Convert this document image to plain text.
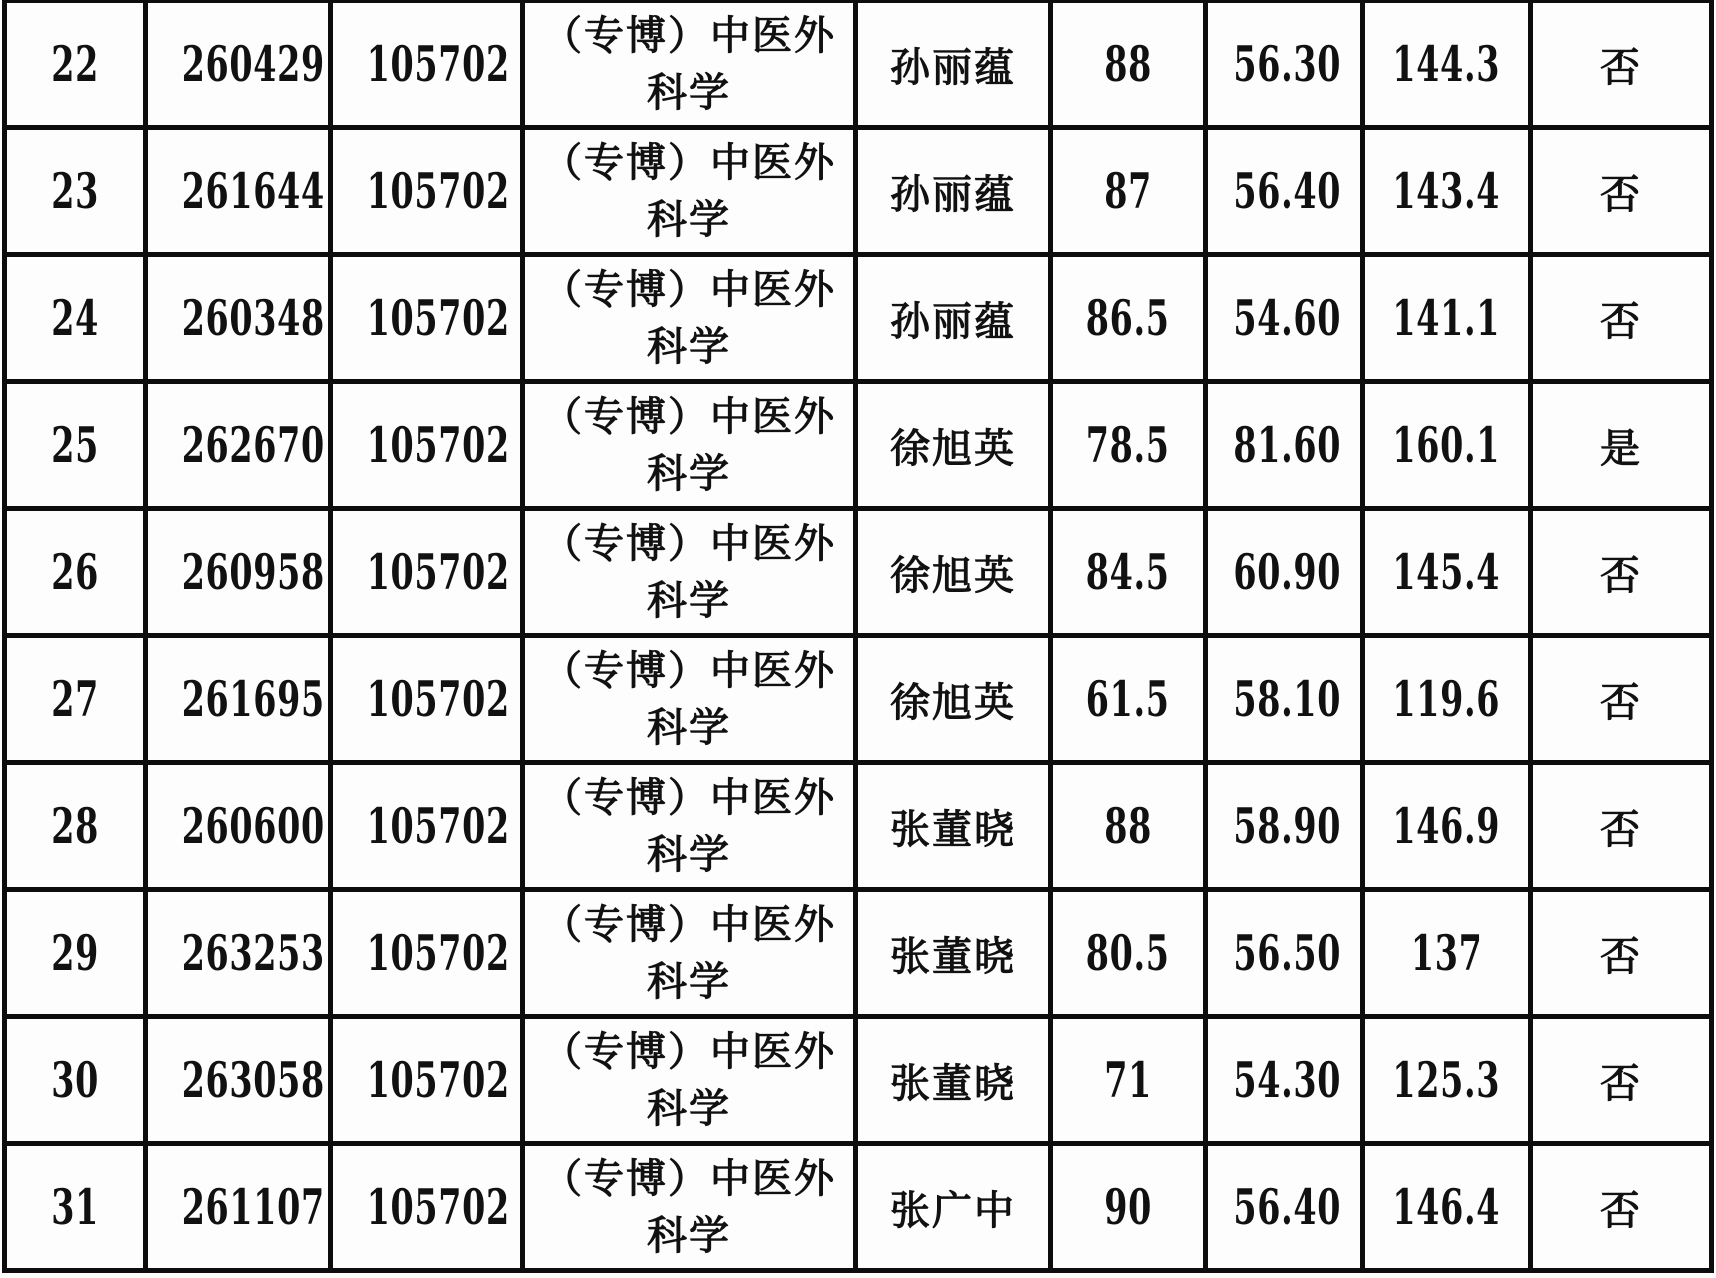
22	260429	105702	（专博）中医外
科学	孙丽蕴	88	56.30	144.3	否
23	261644	105702	（专博）中医外
科学	孙丽蕴	87	56.40	143.4	否
24	260348	105702	（专博）中医外
科学	孙丽蕴	86.5	54.60	141.1	否
25	262670	105702	（专博）中医外
科学	徐旭英	78.5	81.60	160.1	是
26	260958	105702	（专博）中医外
科学	徐旭英	84.5	60.90	145.4	否
27	261695	105702	（专博）中医外
科学	徐旭英	61.5	58.10	119.6	否
28	260600	105702	（专博）中医外
科学	张董晓	88	58.90	146.9	否
29	263253	105702	（专博）中医外
科学	张董晓	80.5	56.50	137	否
30	263058	105702	（专博）中医外
科学	张董晓	71	54.30	125.3	否
31	261107	105702	（专博）中医外
科学	张广中	90	56.40	146.4	否
